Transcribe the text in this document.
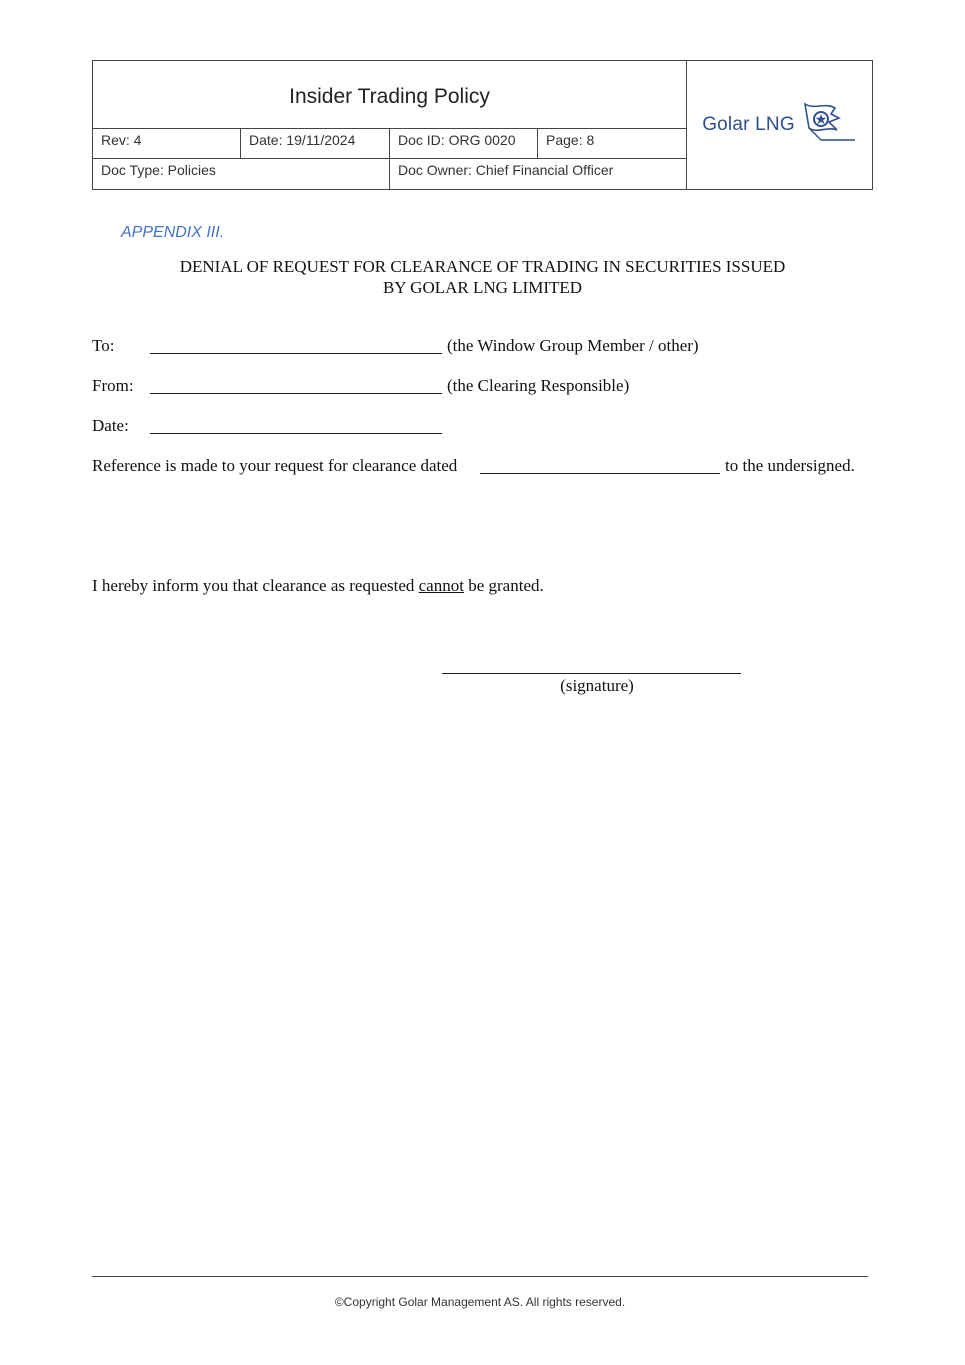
Insider Trading Policy
Golar LNG
Rev: 4	Date: 19/11/2024	Doc ID: ORG 0020	Page: 8
Doc Type: Policies	Doc Owner: Chief Financial Officer
APPENDIX III.
DENIAL OF REQUEST FOR CLEARANCE OF TRADING IN SECURITIES ISSUED
BY GOLAR LNG LIMITED
To:	(the Window Group Member / other)
From:	(the Clearing Responsible)
Date:
Reference is made to your request for clearance dated	to the undersigned.
I hereby inform you that clearance as requested cannot be granted.
(signature)
©Copyright Golar Management AS. All rights reserved.
